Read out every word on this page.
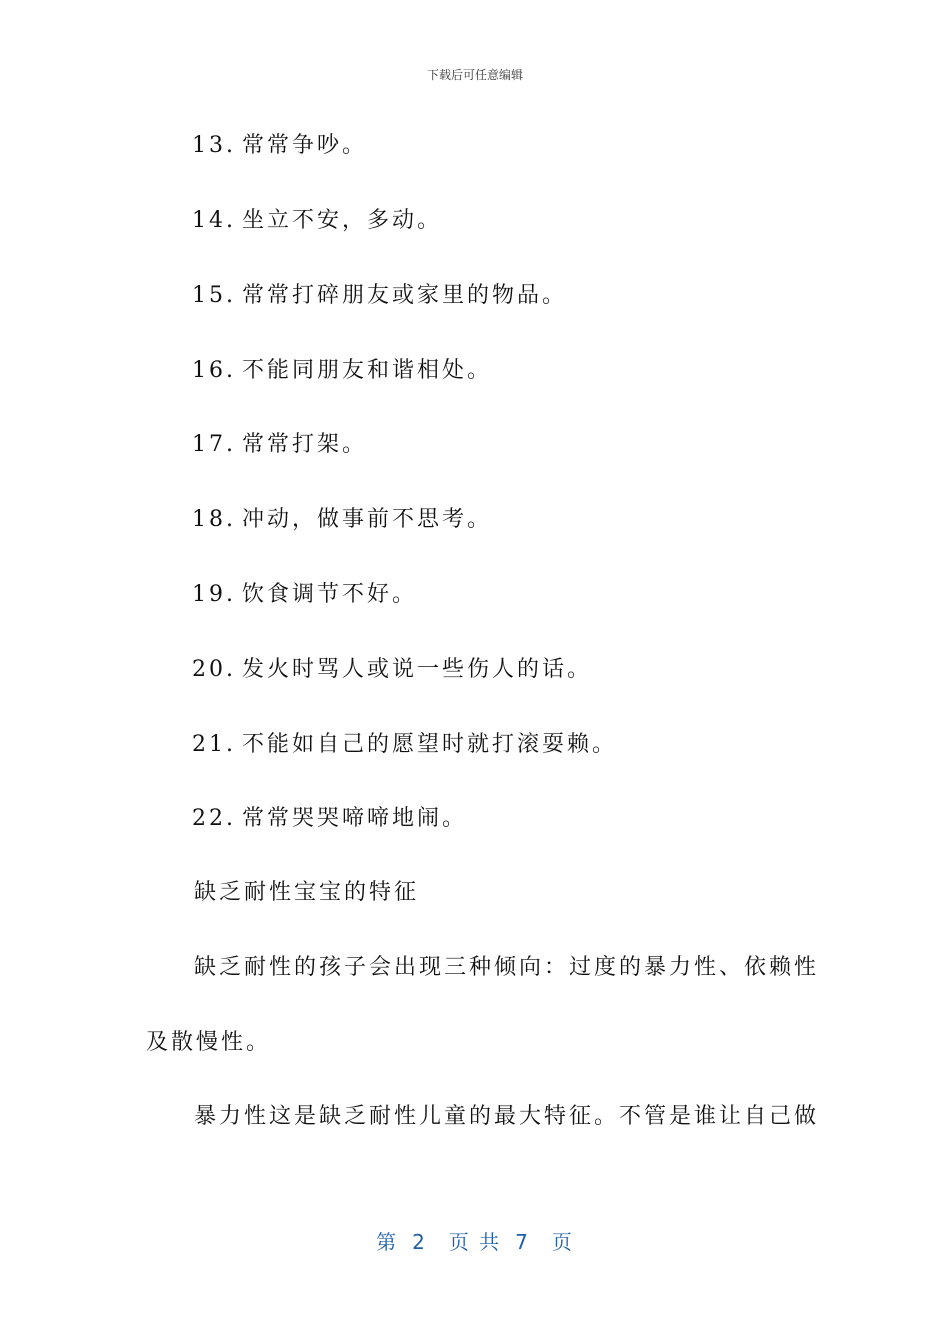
下载后可任意编辑
13. 常常争吵。
14. 坐立不安，多动。
15. 常常打碎朋友或家里的物品。
16. 不能同朋友和谐相处。
17. 常常打架。
18. 冲动，做事前不思考。
19. 饮食调节不好。
20. 发火时骂人或说一些伤人的话。
21. 不能如自己的愿望时就打滚耍赖。
22. 常常哭哭啼啼地闹。
缺乏耐性宝宝的特征
缺乏耐性的孩子会出现三种倾向：过度的暴力性、依赖性
及散慢性。
暴力性这是缺乏耐性儿童的最大特征。不管是谁让自己做
第 2 页 共 7 页
